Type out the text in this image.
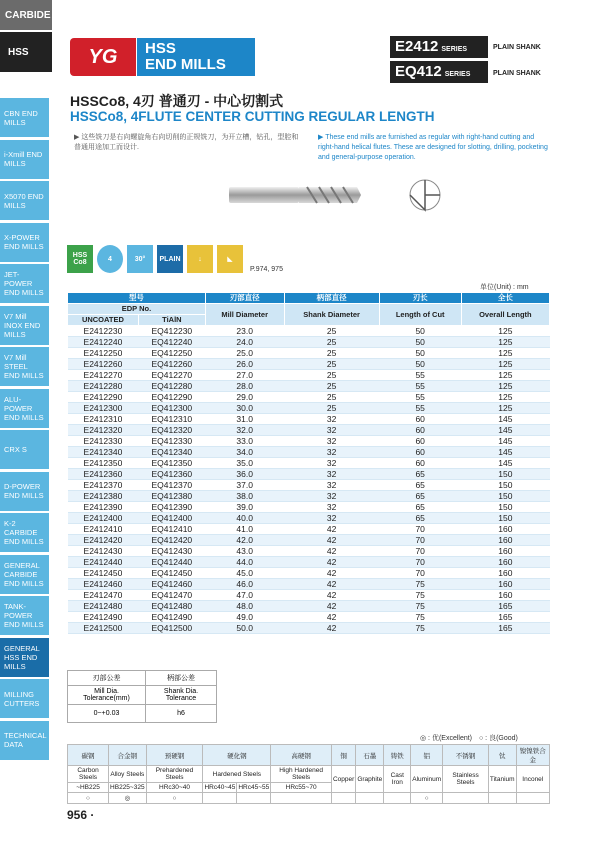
CARBIDE
HSS
CBN END MILLS
i-Xmill END MILLS
X5070 END MILLS
X-POWER END MILLS
JET-POWER END MILLS
V7 Mill INOX END MILLS
V7 Mill STEEL END MILLS
ALU-POWER END MILLS
CRX S
D-POWER END MILLS
K-2 CARBIDE END MILLS
GENERAL CARBIDE END MILLS
TANK-POWER END MILLS
GENERAL HSS END MILLS
MILLING CUTTERS
TECHNICAL DATA
YG	HSS
END MILLS
E2412 SERIES	PLAIN SHANK
EQ412 SERIES	PLAIN SHANK
HSSCo8, 4刃 普通刃 - 中心切割式
HSSCo8, 4FLUTE CENTER CUTTING REGULAR LENGTH
▶ 这些铣刀是右向螺旋角右向切削的正规铣刀，为开立槽，钻孔，型腔和普通用途加工而设计.
▶ These end mills are furnished as regular with right-hand cutting and right-hand helical flutes. These are designed for slotting, drilling, pocketing and general-purpose operation.
HSS Co8	4	30°	PLAIN	↓	◣
P.974, 975
单位(Unit) : mm
型号		刃部直径	柄部直径	刃长	全长
EDP No.		Mill Diameter	Shank Diameter	Length of Cut	Overall Length
UNCOATED	TiAlN				
E2412230	EQ412230	23.0	25	50	125
E2412240	EQ412240	24.0	25	50	125
E2412250	EQ412250	25.0	25	50	125
E2412260	EQ412260	26.0	25	50	125
E2412270	EQ412270	27.0	25	55	125
E2412280	EQ412280	28.0	25	55	125
E2412290	EQ412290	29.0	25	55	125
E2412300	EQ412300	30.0	25	55	125
E2412310	EQ412310	31.0	32	60	145
E2412320	EQ412320	32.0	32	60	145
E2412330	EQ412330	33.0	32	60	145
E2412340	EQ412340	34.0	32	60	145
E2412350	EQ412350	35.0	32	60	145
E2412360	EQ412360	36.0	32	65	150
E2412370	EQ412370	37.0	32	65	150
E2412380	EQ412380	38.0	32	65	150
E2412390	EQ412390	39.0	32	65	150
E2412400	EQ412400	40.0	32	65	150
E2412410	EQ412410	41.0	42	70	160
E2412420	EQ412420	42.0	42	70	160
E2412430	EQ412430	43.0	42	70	160
E2412440	EQ412440	44.0	42	70	160
E2412450	EQ412450	45.0	42	70	160
E2412460	EQ412460	46.0	42	75	160
E2412470	EQ412470	47.0	42	75	160
E2412480	EQ412480	48.0	42	75	165
E2412490	EQ412490	49.0	42	75	165
E2412500	EQ412500	50.0	42	75	165
刃部公差	柄部公差
Mill Dia. Tolerance(mm)	Shank Dia. Tolerance
0~+0.03	h6
◎ : 优(Excellent)　○ : 良(Good)
碳钢	合金钢	预硬钢	硬化钢		高硬钢	铜	石墨	铸铁	铝	不锈钢	钛	镍镍铁合金
Carbon Steels	Alloy Steels	Prehardened Steels	Hardened Steels		High Hardened Steels	Copper	Graphite	Cast Iron	Aluminum	Stainless Steels	Titanium	Inconel
~HB225	HB225~325	HRc30~40	HRc40~45	HRc45~55	HRc55~70							
○	◎	○							○			
956 ·
